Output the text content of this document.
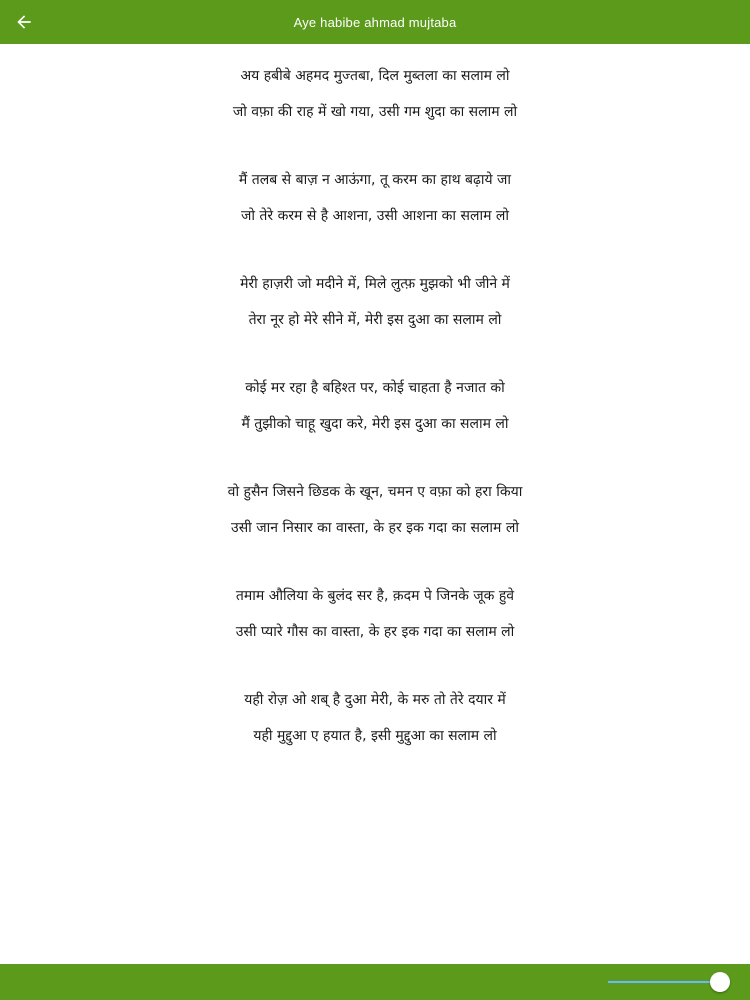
Aye habibe ahmad mujtaba
अय हबीबे अहमद मुज्तबा, दिल मुब्तला का सलाम लो
जो वफ़ा की राह में खो गया, उसी गम शुदा का सलाम लो
मैं तलब से बाज़ न आऊंगा, तू करम का हाथ बढ़ाये जा
जो तेरे करम से है आशना, उसी आशना का सलाम लो
मेरी हाज़री जो मदीने में, मिले लुत्फ़ मुझको भी जीने में
तेरा नूर हो मेरे सीने में, मेरी इस दुआ का सलाम लो
कोई मर रहा है बहिश्त पर, कोई चाहता है नजात को
मैं तुझीको चाहू खुदा करे, मेरी इस दुआ का सलाम लो
वो हुसैन जिसने छिडक के खून, चमन ए वफ़ा को हरा किया
उसी जान निसार का वास्ता, के हर इक गदा का सलाम लो
तमाम औलिया के बुलंद सर है, क़दम पे जिनके जूक हुवे
उसी प्यारे गौस का वास्ता, के हर इक गदा का सलाम लो
यही रोज़ ओ शब् है दुआ मेरी, के मरु तो तेरे दयार में
यही मुद्दुआ ए हयात है, इसी मुद्दुआ का सलाम लो
